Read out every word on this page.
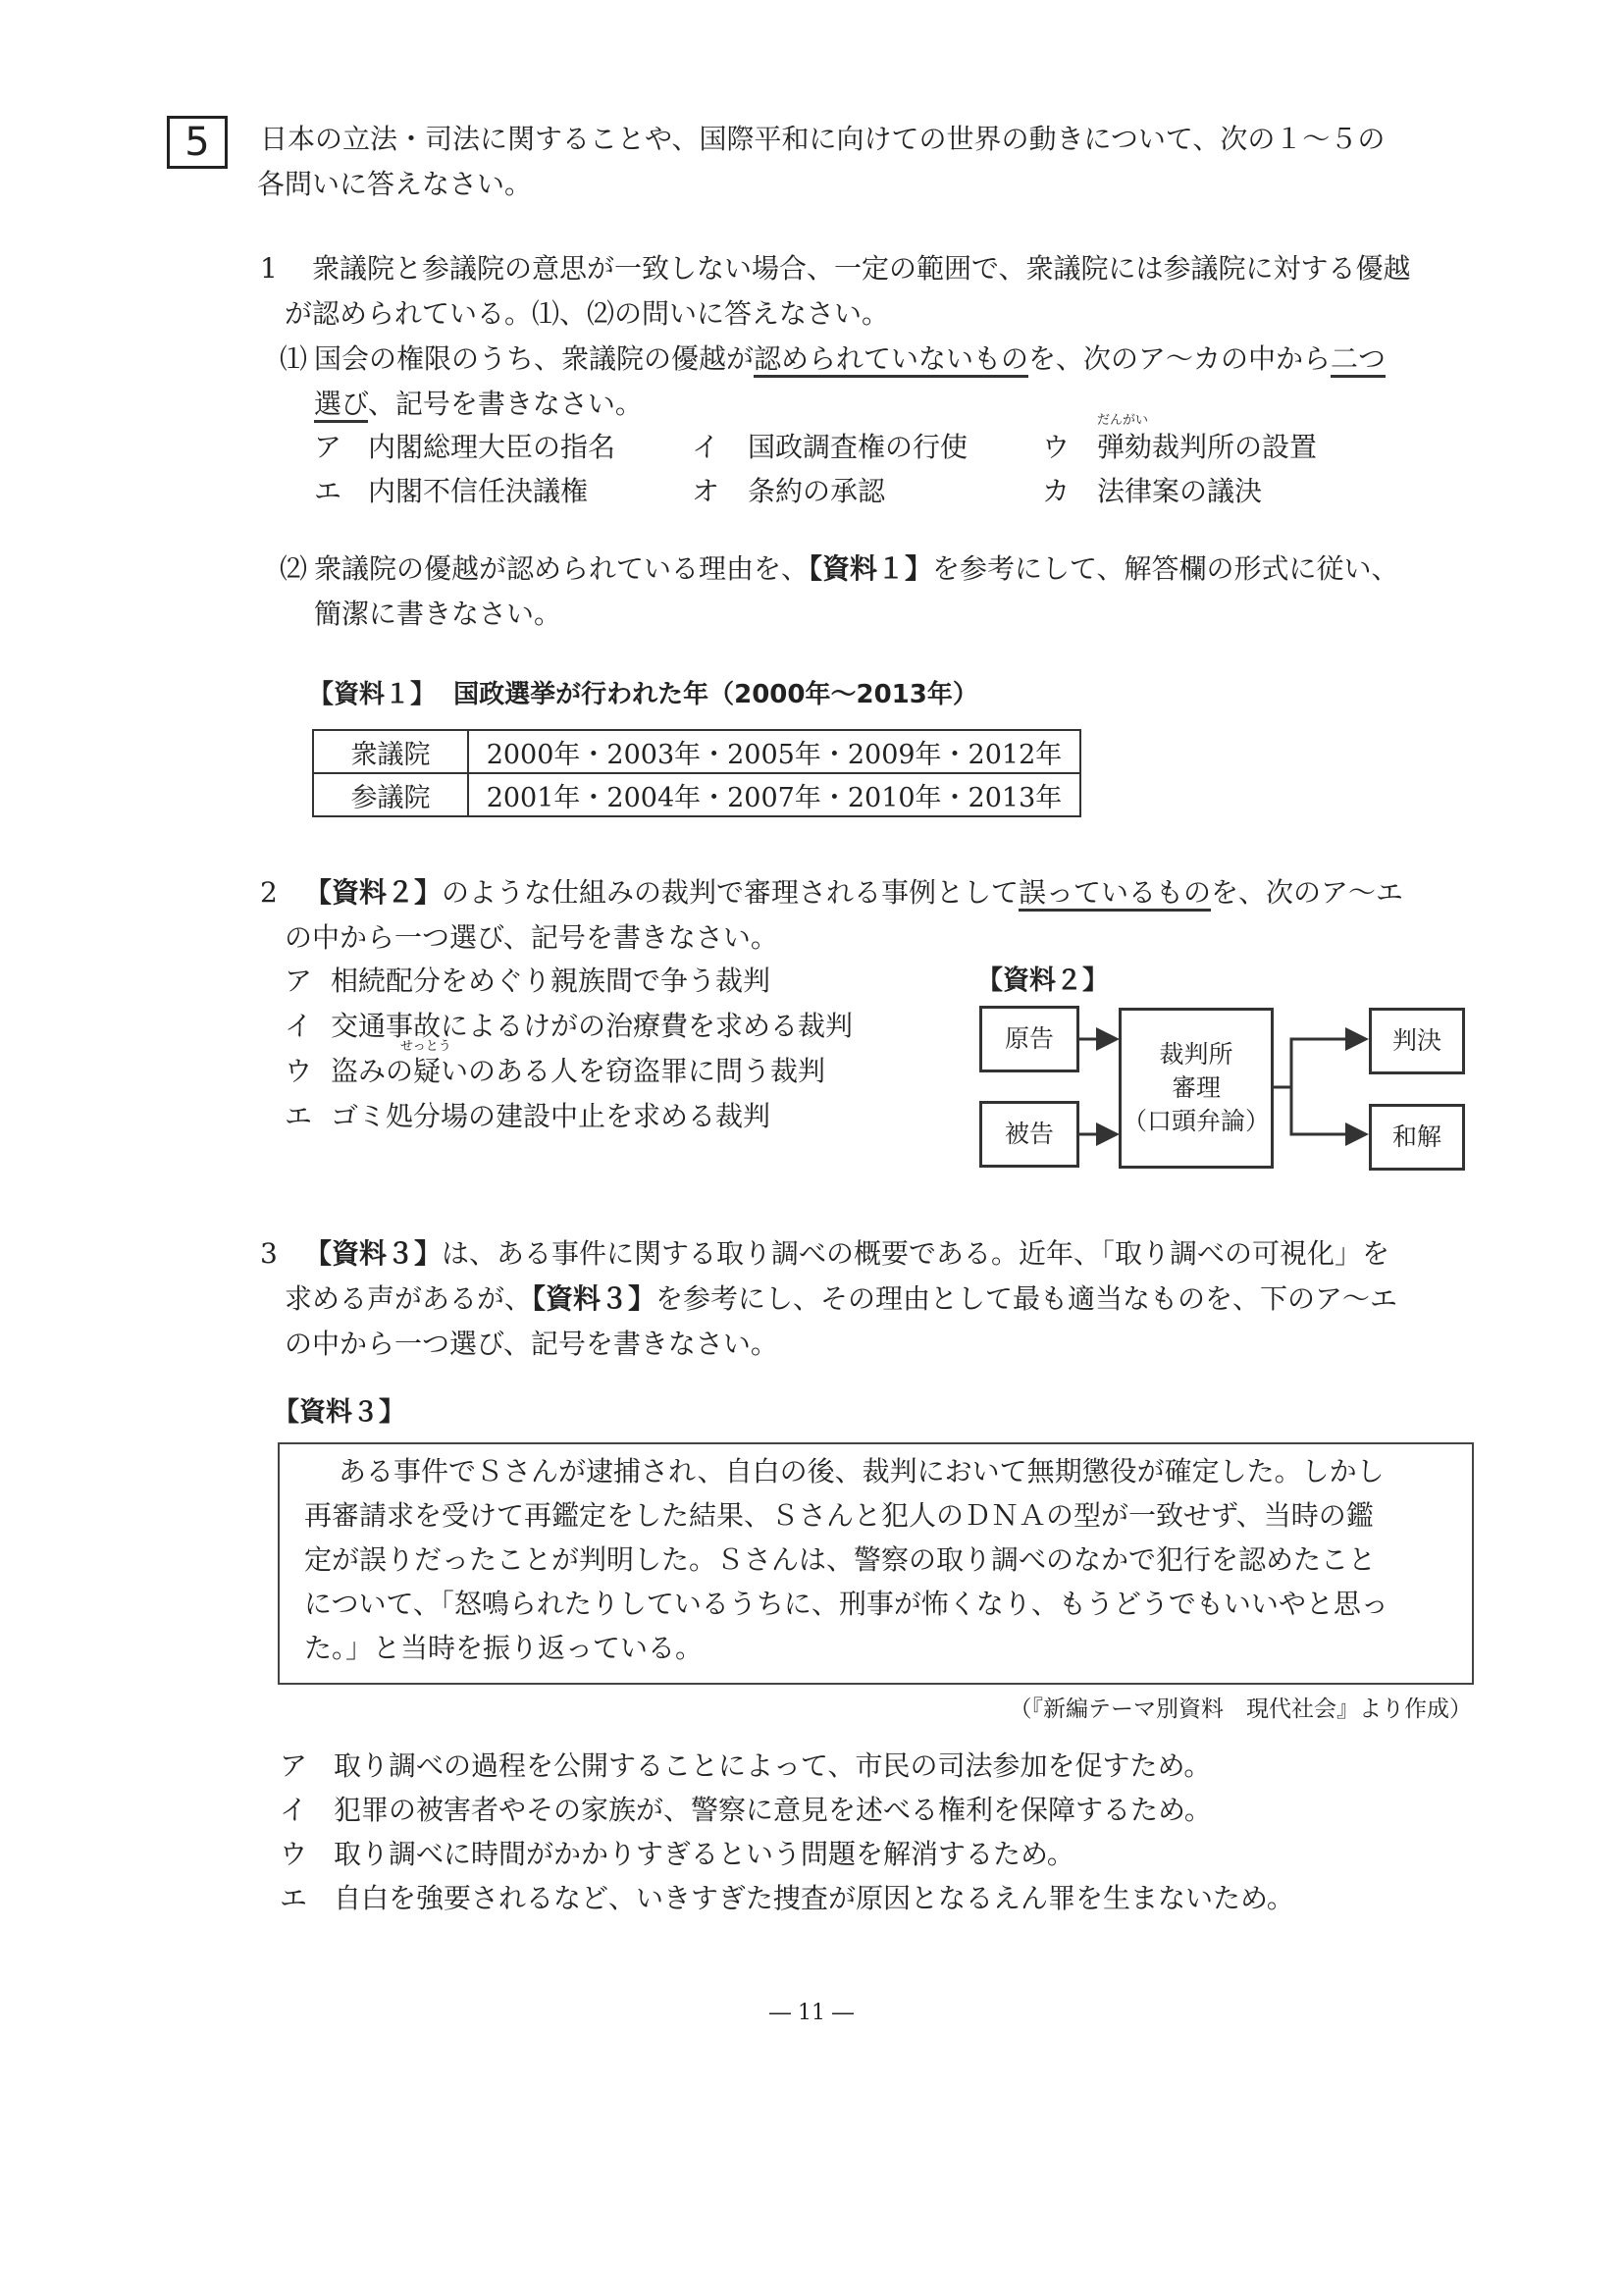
5	日本の立法・司法に関することや、国際平和に向けての世界の動きについて、次の１～５の
各問いに答えなさい。
1 衆議院と参議院の意思が一致しない場合、一定の範囲で、衆議院には参議院に対する優越
が認められている。⑴、⑵の問いに答えなさい。
⑴ 国会の権限のうち、衆議院の優越が認められていないものを、次のア～カの中から二つ
選び、記号を書きなさい。
だんがい
ア 内閣総理大臣の指名	イ 国政調査権の行使	ウ 弾劾裁判所の設置
エ 内閣不信任決議権	オ 条約の承認	カ 法律案の議決
⑵ 衆議院の優越が認められている理由を、【資料１】を参考にして、解答欄の形式に従い、
簡潔に書きなさい。
【資料１】 国政選挙が行われた年（2000年～2013年）
衆議院	2000年・2003年・2005年・2009年・2012年
参議院	2001年・2004年・2007年・2010年・2013年
2 【資料２】のような仕組みの裁判で審理される事例として誤っているものを、次のア～エ
の中から一つ選び、記号を書きなさい。
せっとう
ア 相続配分をめぐり親族間で争う裁判
イ 交通事故によるけがの治療費を求める裁判
ウ 盗みの疑いのある人を窃盗罪に問う裁判
エ ゴミ処分場の建設中止を求める裁判
【資料２】
原告
被告
裁判所
審理
（口頭弁論）
判決
和解
3 【資料３】は、ある事件に関する取り調べの概要である。近年、「取り調べの可視化」を
求める声があるが、【資料３】を参考にし、その理由として最も適当なものを、下のア～エ
の中から一つ選び、記号を書きなさい。
【資料３】
ある事件でＳさんが逮捕され、自白の後、裁判において無期懲役が確定した。しかし
再審請求を受けて再鑑定をした結果、Ｓさんと犯人のＤＮＡの型が一致せず、当時の鑑
定が誤りだったことが判明した。Ｓさんは、警察の取り調べのなかで犯行を認めたこと
について、「怒鳴られたりしているうちに、刑事が怖くなり、もうどうでもいいやと思っ
た。」と当時を振り返っている。
（『新編テーマ別資料　現代社会』より作成）
ア 取り調べの過程を公開することによって、市民の司法参加を促すため。
イ 犯罪の被害者やその家族が、警察に意見を述べる権利を保障するため。
ウ 取り調べに時間がかかりすぎるという問題を解消するため。
エ 自白を強要されるなど、いきすぎた捜査が原因となるえん罪を生まないため。
― 11 ―
